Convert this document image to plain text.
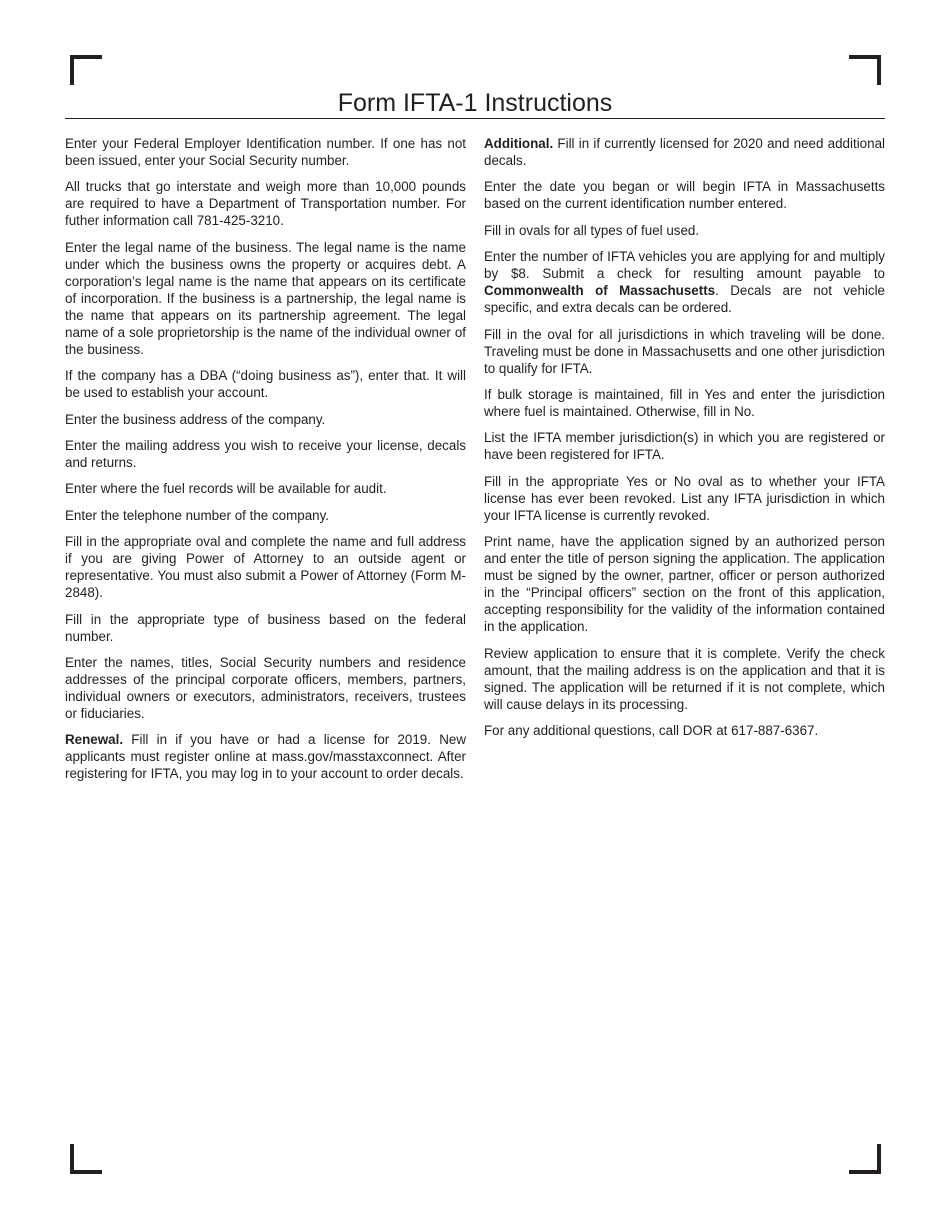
Form IFTA-1 Instructions

Enter your Federal Employer Identification number. If one has not been issued, enter your Social Security number.

All trucks that go interstate and weigh more than 10,000 pounds are required to have a Department of Transportation number. For futher information call 781-425-3210.

Enter the legal name of the business. The legal name is the name under which the business owns the property or acquires debt. A corporation’s legal name is the name that appears on its certificate of incorporation. If the business is a partnership, the legal name is the name that appears on its partnership agreement. The legal name of a sole proprietorship is the name of the individual owner of the business.

If the company has a DBA (“doing business as”), enter that. It will be used to establish your account.

Enter the business address of the company.

Enter the mailing address you wish to receive your license, decals and returns.

Enter where the fuel records will be available for audit.

Enter the telephone number of the company.

Fill in the appropriate oval and complete the name and full address if you are giving Power of Attorney to an outside agent or representative. You must also submit a Power of Attorney (Form M-2848).

Fill in the appropriate type of business based on the federal number.

Enter the names, titles, Social Security numbers and residence addresses of the principal corporate officers, members, partners, individual owners or executors, administrators, receivers, trustees or fiduciaries.

Renewal. Fill in if you have or had a license for 2019. New applicants must register online at mass.gov/masstaxconnect. After registering for IFTA, you may log in to your account to order decals.

Additional. Fill in if currently licensed for 2020 and need additional decals.

Enter the date you began or will begin IFTA in Massachusetts based on the current identification number entered.

Fill in ovals for all types of fuel used.

Enter the number of IFTA vehicles you are applying for and multiply by $8. Submit a check for resulting amount payable to Commonwealth of Massachusetts. Decals are not vehicle specific, and extra decals can be ordered.

Fill in the oval for all jurisdictions in which traveling will be done. Traveling must be done in Massachusetts and one other jurisdiction to qualify for IFTA.

If bulk storage is maintained, fill in Yes and enter the jurisdiction where fuel is maintained. Otherwise, fill in No.

List the IFTA member jurisdiction(s) in which you are registered or have been registered for IFTA.

Fill in the appropriate Yes or No oval as to whether your IFTA license has ever been revoked. List any IFTA jurisdiction in which your IFTA license is currently revoked.

Print name, have the application signed by an authorized person and enter the title of person signing the application. The application must be signed by the owner, partner, officer or person authorized in the “Principal officers” section on the front of this application, accepting responsibility for the validity of the information contained in the application.

Review application to ensure that it is complete. Verify the check amount, that the mailing address is on the application and that it is signed. The application will be returned if it is not complete, which will cause delays in its processing.

For any additional questions, call DOR at 617-887-6367.
